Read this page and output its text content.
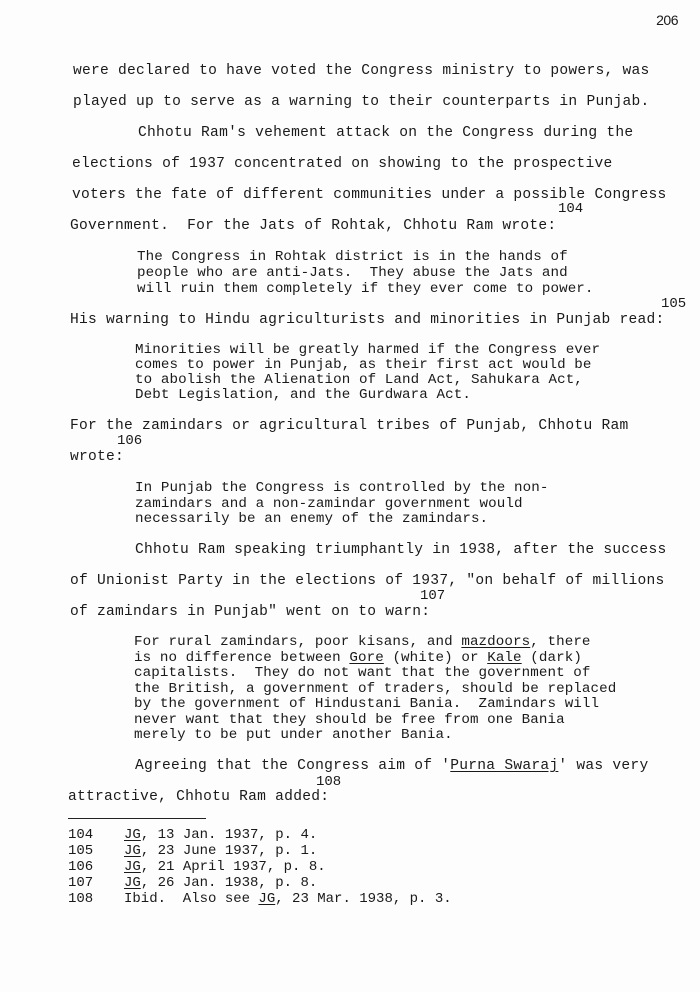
206
were declared to have voted the Congress ministry to powers, was
played up to serve as a warning to their counterparts in Punjab.
Chhotu Ram's vehement attack on the Congress during the
elections of 1937 concentrated on showing to the prospective
voters the fate of different communities under a possible Congress
104
Government.  For the Jats of Rohtak, Chhotu Ram wrote:
The Congress in Rohtak district is in the hands of
people who are anti-Jats.  They abuse the Jats and
will ruin them completely if they ever come to power.
105
His warning to Hindu agriculturists and minorities in Punjab read:
Minorities will be greatly harmed if the Congress ever
comes to power in Punjab, as their first act would be
to abolish the Alienation of Land Act, Sahukara Act,
Debt Legislation, and the Gurdwara Act.
For the zamindars or agricultural tribes of Punjab, Chhotu Ram
106
wrote:
In Punjab the Congress is controlled by the non-
zamindars and a non-zamindar government would
necessarily be an enemy of the zamindars.
Chhotu Ram speaking triumphantly in 1938, after the success
of Unionist Party in the elections of 1937, "on behalf of millions
107
of zamindars in Punjab" went on to warn:
For rural zamindars, poor kisans, and mazdoors, there
is no difference between Gore (white) or Kale (dark)
capitalists.  They do not want that the government of
the British, a government of traders, should be replaced
by the government of Hindustani Bania.  Zamindars will
never want that they should be free from one Bania
merely to be put under another Bania.
Agreeing that the Congress aim of 'Purna Swaraj' was very
108
attractive, Chhotu Ram added:
104 JG, 13 Jan. 1937, p. 4.
105 JG, 23 June 1937, p. 1.
106 JG, 21 April 1937, p. 8.
107 JG, 26 Jan. 1938, p. 8.
108 Ibid.  Also see JG, 23 Mar. 1938, p. 3.
